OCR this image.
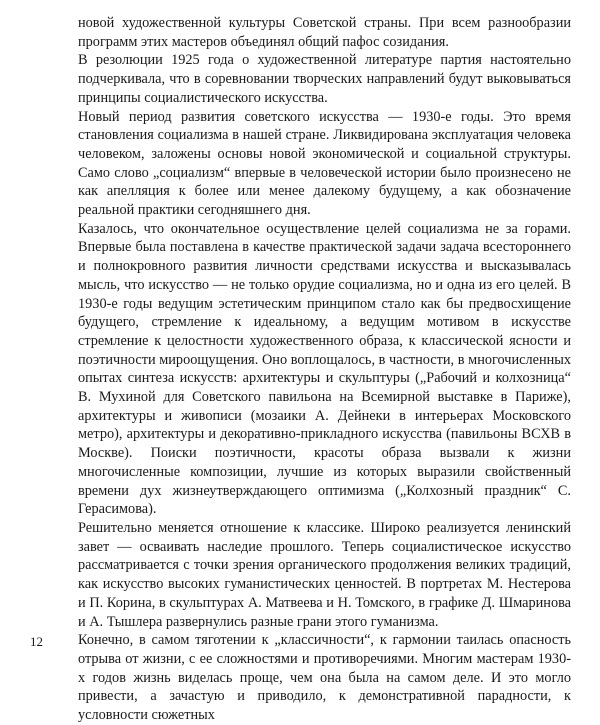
новой художественной культуры Советской страны. При всем разнообразии программ этих мастеров объединял общий пафос созидания.

В резолюции 1925 года о художественной литературе партия настоятельно подчеркивала, что в соревновании творческих направлений будут выковываться принципы социалистического искусства.

Новый период развития советского искусства — 1930-е годы. Это время становления социализма в нашей стране. Ликвидирована эксплуатация человека человеком, заложены основы новой экономической и социальной структуры. Само слово „социализм“ впервые в человеческой истории было произнесено не как апелляция к более или менее далекому будущему, а как обозначение реальной практики сегодняшнего дня.

Казалось, что окончательное осуществление целей социализма не за горами. Впервые была поставлена в качестве практической задачи задача всестороннего и полнокровного развития личности средствами искусства и высказывалась мысль, что искусство — не только орудие социализма, но и одна из его целей. В 1930-е годы ведущим эстетическим принципом стало как бы предвосхищение будущего, стремление к идеальному, а ведущим мотивом в искусстве стремление к целостности художественного образа, к классической ясности и поэтичности мироощущения. Оно воплощалось, в частности, в многочисленных опытах синтеза искусств: архитектуры и скульптуры („Рабочий и колхозница“ В. Мухиной для Советского павильона на Всемирной выставке в Париже), архитектуры и живописи (мозаики А. Дейнеки в интерьерах Московского метро), архитектуры и декоративно-прикладного искусства (павильоны ВСХВ в Москве). Поиски поэтичности, красоты образа вызвали к жизни многочисленные композиции, лучшие из которых выразили свойственный времени дух жизнеутверждающего оптимизма („Колхозный праздник“ С. Герасимова).

Решительно меняется отношение к классике. Широко реализуется ленинский завет — осваивать наследие прошлого. Теперь социалистическое искусство рассматривается с точки зрения органического продолжения великих традиций, как искусство высоких гуманистических ценностей. В портретах М. Нестерова и П. Корина, в скульптурах А. Матвеева и Н. Томского, в графике Д. Шмаринова и А. Тышлера развернулись разные грани этого гуманизма.

Конечно, в самом тяготении к „классичности“, к гармонии таилась опасность отрыва от жизни, с ее сложностями и противоречиями. Многим мастерам 1930-х годов жизнь виделась проще, чем она была на самом деле. И это могло привести, а зачастую и приводило, к демонстративной парадности, к условности сюжетных

12
